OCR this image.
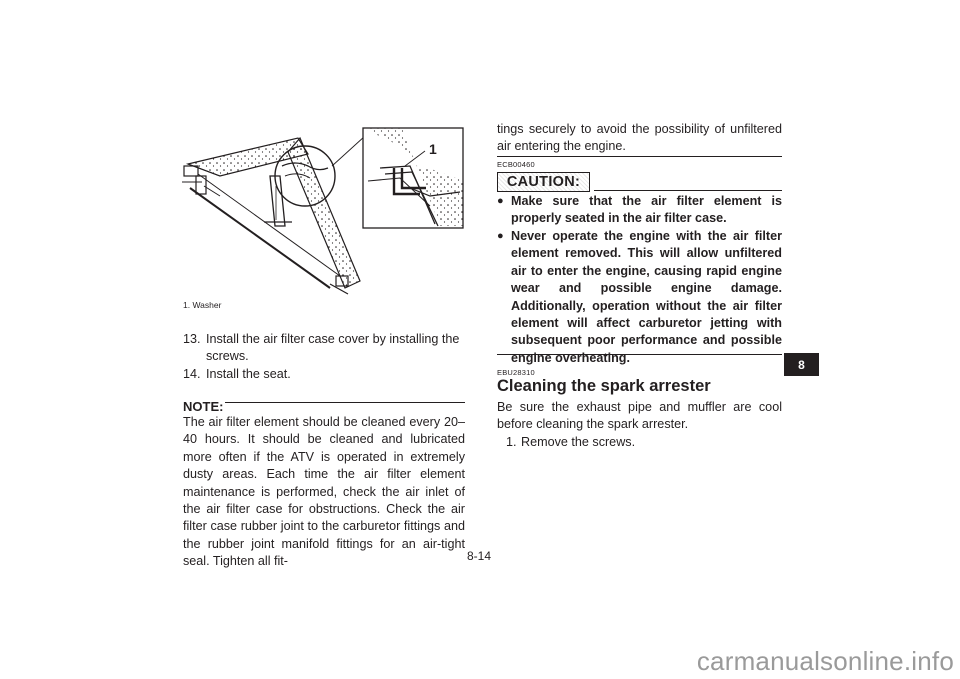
1
1. Washer
13. Install the air filter case cover by installing the
screws.
14. Install the seat.
NOTE:
The air filter element should be cleaned every 20–40 hours. It should be cleaned and lubricated more often if the ATV is operated in extremely dusty areas. Each time the air filter element maintenance is performed, check the air inlet of the air filter case for obstructions. Check the air filter case rubber joint to the carburetor fittings and the rubber joint manifold fittings for an air-tight seal. Tighten all fit-
tings securely to avoid the possibility of unfiltered air entering the engine.
ECB00460
CAUTION:
● Make sure that the air filter element is properly seated in the air filter case.
● Never operate the engine with the air filter element removed. This will allow unfiltered air to enter the engine, causing rapid engine wear and possible engine damage. Additionally, operation without the air filter element will affect carburetor jetting with subsequent poor performance and possible engine overheating.
EBU28310
Cleaning the spark arrester
Be sure the exhaust pipe and muffler are cool before cleaning the spark arrester.
1. Remove the screws.
8
8-14
carmanualsonline.info
